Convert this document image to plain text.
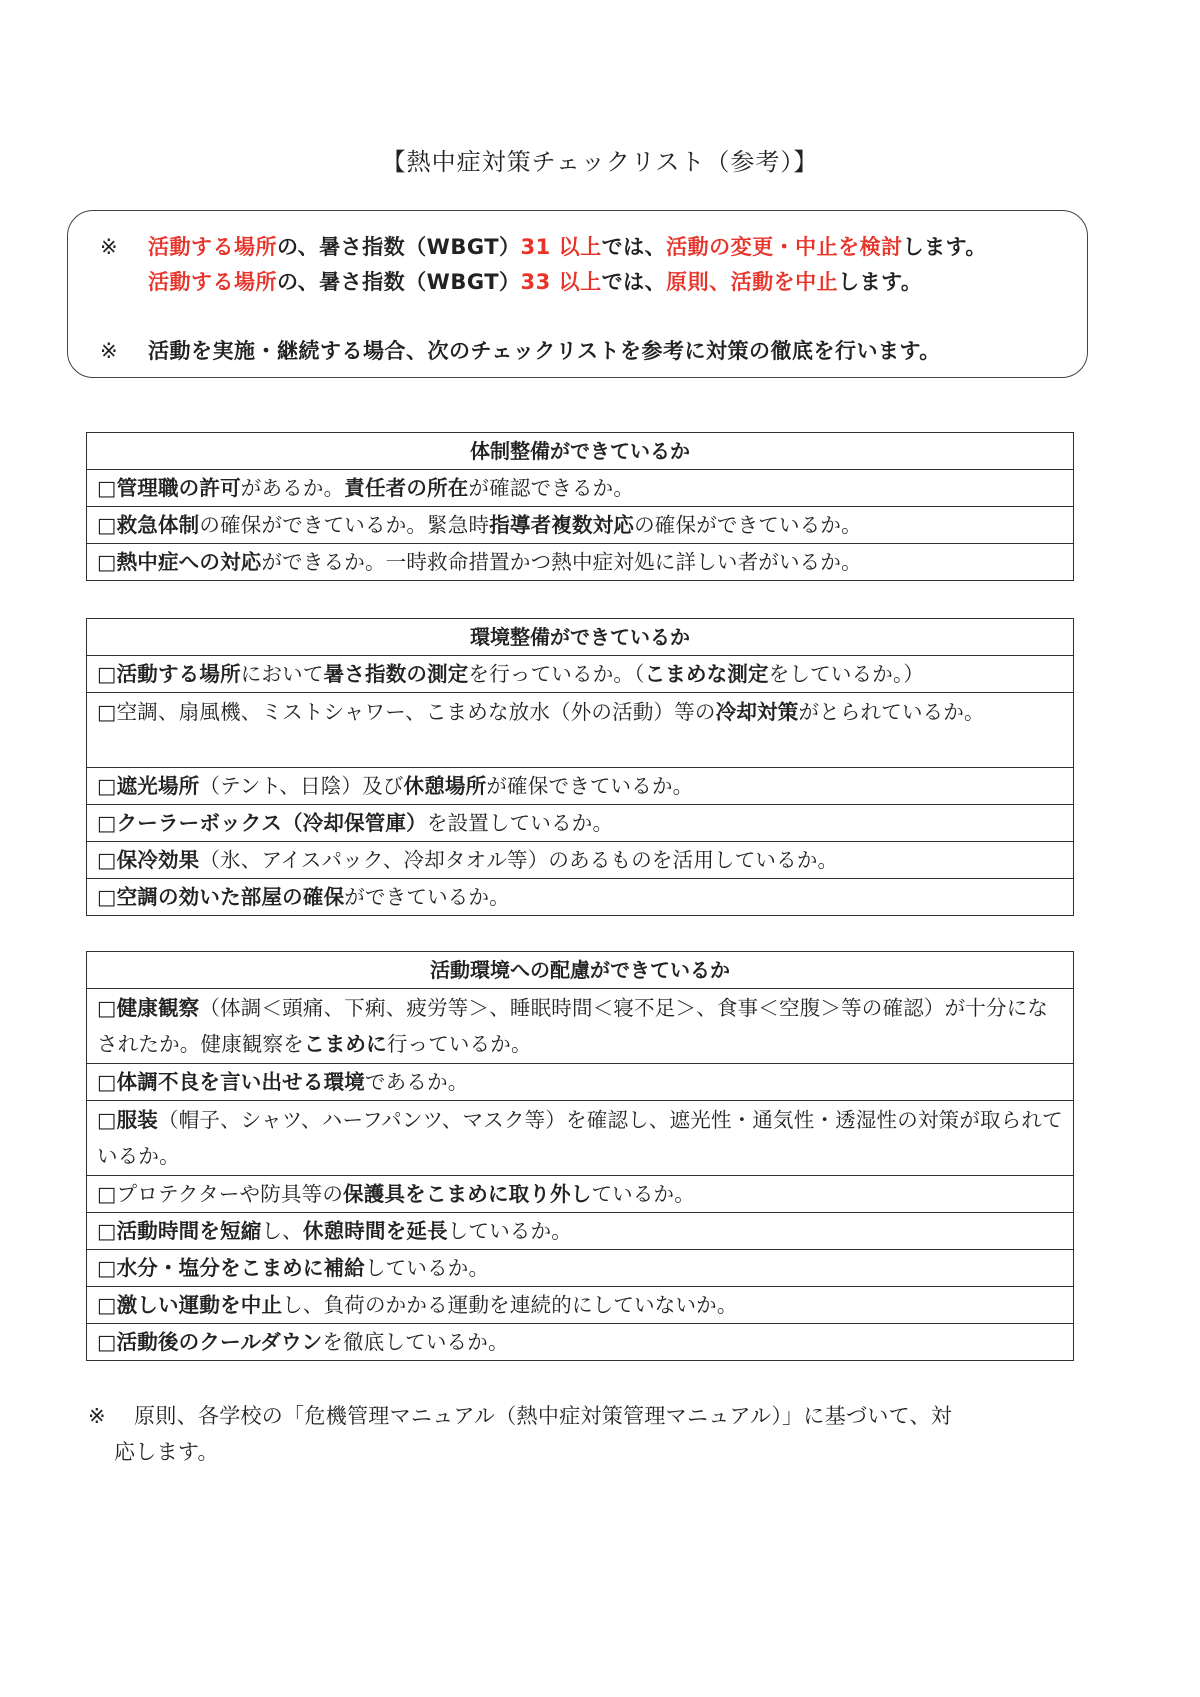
【熱中症対策チェックリスト（参考）】
※ 活動する場所の、暑さ指数（WBGT）31 以上では、活動の変更・中止を検討します。
活動する場所の、暑さ指数（WBGT）33 以上では、原則、活動を中止します。
※ 活動を実施・継続する場合、次のチェックリストを参考に対策の徹底を行います。
体制整備ができているか
□管理職の許可があるか。責任者の所在が確認できるか。
□救急体制の確保ができているか。緊急時指導者複数対応の確保ができているか。
□熱中症への対応ができるか。一時救命措置かつ熱中症対処に詳しい者がいるか。
環境整備ができているか
□活動する場所において暑さ指数の測定を行っているか。（こまめな測定をしているか。）
□空調、扇風機、ミストシャワー、こまめな放水（外の活動）等の冷却対策がとられているか。
□遮光場所（テント、日陰）及び休憩場所が確保できているか。
□クーラーボックス（冷却保管庫）を設置しているか。
□保冷効果（氷、アイスパック、冷却タオル等）のあるものを活用しているか。
□空調の効いた部屋の確保ができているか。
活動環境への配慮ができているか
□健康観察（体調＜頭痛、下痢、疲労等＞、睡眠時間＜寝不足＞、食事＜空腹＞等の確認）が十分になされたか。健康観察をこまめに行っているか。
□体調不良を言い出せる環境であるか。
□服装（帽子、シャツ、ハーフパンツ、マスク等）を確認し、遮光性・通気性・透湿性の対策が取られているか。
□プロテクターや防具等の保護具をこまめに取り外しているか。
□活動時間を短縮し、休憩時間を延長しているか。
□水分・塩分をこまめに補給しているか。
□激しい運動を中止し、負荷のかかる運動を連続的にしていないか。
□活動後のクールダウンを徹底しているか。
※ 原則、各学校の「危機管理マニュアル（熱中症対策管理マニュアル）」に基づいて、対
応します。
